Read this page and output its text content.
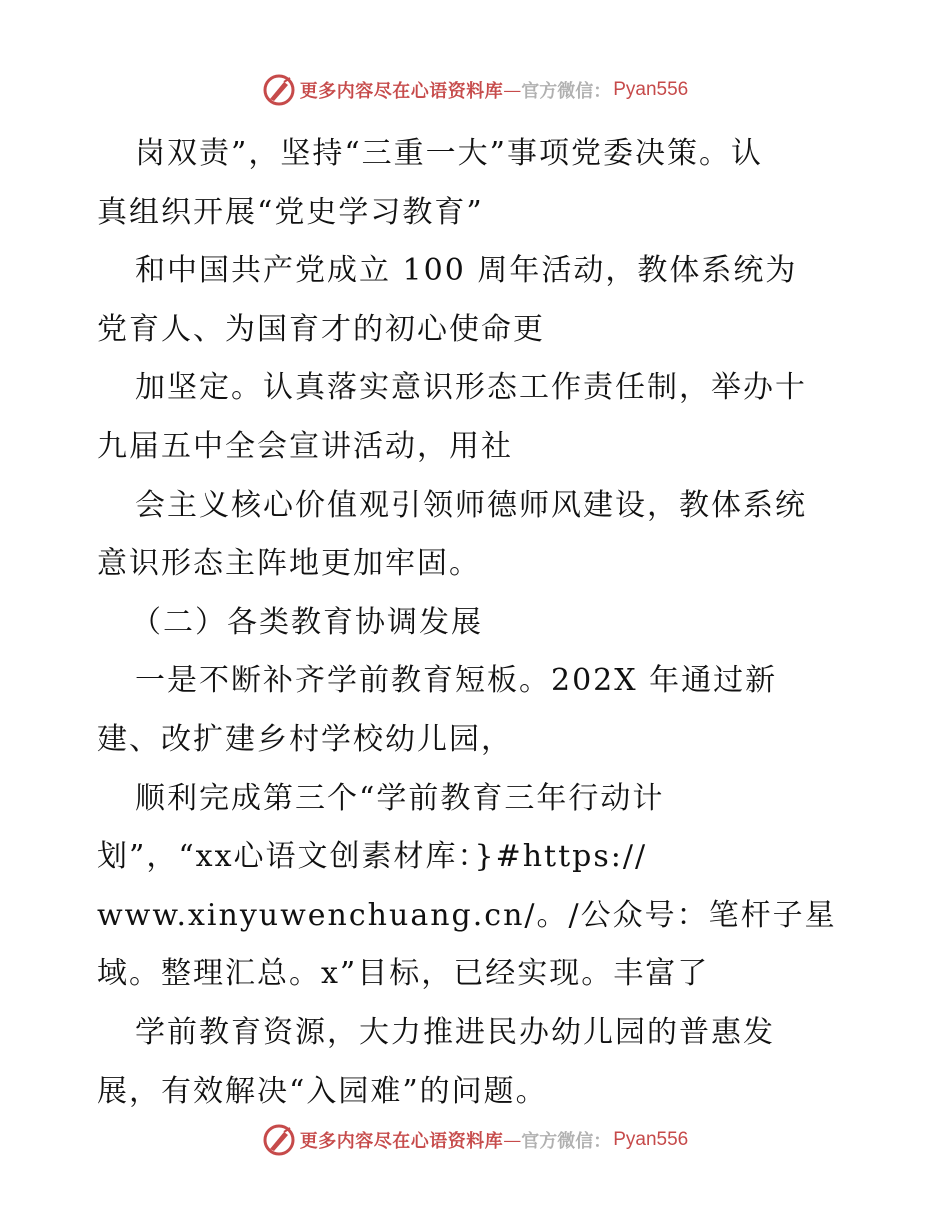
更多内容尽在心语资料库 — 官方微信： Pyan556
岗双责”，坚持“三重一大”事项党委决策。认
真组织开展“党史学习教育”
和中国共产党成立 100 周年活动，教体系统为
党育人、为国育才的初心使命更
加坚定。认真落实意识形态工作责任制，举办十
九届五中全会宣讲活动，用社
会主义核心价值观引领师德师风建设，教体系统
意识形态主阵地更加牢固。
（二）各类教育协调发展
一是不断补齐学前教育短板。202X 年通过新
建、改扩建乡村学校幼儿园，
顺利完成第三个“学前教育三年行动计
划”，“xx心语文创素材库：}#https://
www.xinyuwenchuang.cn/。/公众号：笔杆子星
域。整理汇总。x”目标，已经实现。丰富了
学前教育资源，大力推进民办幼儿园的普惠发
展，有效解决“入园难”的问题。
更多内容尽在心语资料库 — 官方微信： Pyan556
